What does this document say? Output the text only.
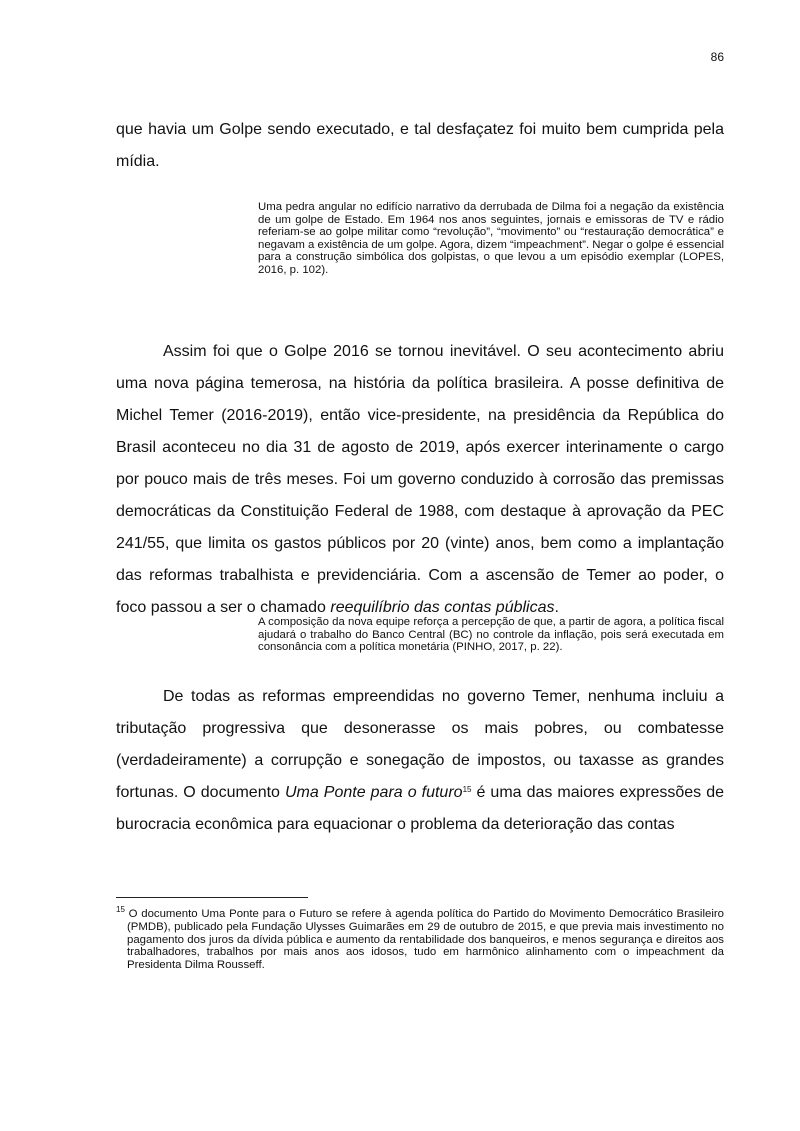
86

que havia um Golpe sendo executado, e tal desfaçatez foi muito bem cumprida pela mídia.

Uma pedra angular no edifício narrativo da derrubada de Dilma foi a negação da existência de um golpe de Estado. Em 1964 nos anos seguintes, jornais e emissoras de TV e rádio referiam-se ao golpe militar como “revolução”, “movimento” ou “restauração democrática” e negavam a existência de um golpe. Agora, dizem “impeachment”. Negar o golpe é essencial para a construção simbólica dos golpistas, o que levou a um episódio exemplar (LOPES, 2016, p. 102).

Assim foi que o Golpe 2016 se tornou inevitável. O seu acontecimento abriu uma nova página temerosa, na história da política brasileira. A posse definitiva de Michel Temer (2016-2019), então vice-presidente, na presidência da República do Brasil aconteceu no dia 31 de agosto de 2019, após exercer interinamente o cargo por pouco mais de três meses. Foi um governo conduzido à corrosão das premissas democráticas da Constituição Federal de 1988, com destaque à aprovação da PEC 241/55, que limita os gastos públicos por 20 (vinte) anos, bem como a implantação das reformas trabalhista e previdenciária. Com a ascensão de Temer ao poder, o foco passou a ser o chamado reequilíbrio das contas públicas.

A composição da nova equipe reforça a percepção de que, a partir de agora, a política fiscal ajudará o trabalho do Banco Central (BC) no controle da inflação, pois será executada em consonância com a política monetária (PINHO, 2017, p. 22).

De todas as reformas empreendidas no governo Temer, nenhuma incluiu a tributação progressiva que desonerasse os mais pobres, ou combatesse (verdadeiramente) a corrupção e sonegação de impostos, ou taxasse as grandes fortunas. O documento Uma Ponte para o futuro$^{15}$ é uma das maiores expressões de burocracia econômica para equacionar o problema da deterioração das contas

$^{15}$ O documento Uma Ponte para o Futuro se refere à agenda política do Partido do Movimento Democrático Brasileiro (PMDB), publicado pela Fundação Ulysses Guimarães em 29 de outubro de 2015, e que previa mais investimento no pagamento dos juros da dívida pública e aumento da rentabilidade dos banqueiros, e menos segurança e direitos aos trabalhadores, trabalhos por mais anos aos idosos, tudo em harmônico alinhamento com o impeachment da Presidenta Dilma Rousseff.
